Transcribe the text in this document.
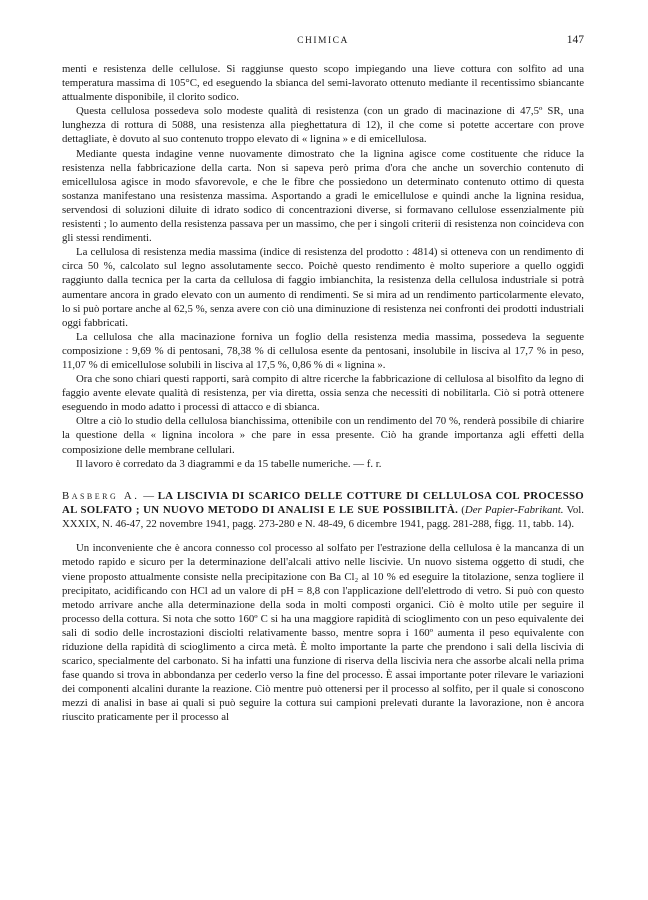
CHIMICA	147

menti e resistenza delle cellulose. Si raggiunse questo scopo impiegando una lieve cottura con solfito ad una temperatura massima di 105°C, ed eseguendo la sbianca del semi-lavorato ottenuto mediante il recentissimo sbiancante attualmente disponibile, il clorito sodico.

Questa cellulosa possedeva solo modeste qualità di resistenza (con un grado di macinazione di 47,5º SR, una lunghezza di rottura di 5088, una resistenza alla pieghettatura di 12), il che come si potette accertare con prove dettagliate, è dovuto al suo contenuto troppo elevato di « lignina » e di emicellulosa.

Mediante questa indagine venne nuovamente dimostrato che la lignina agisce come costituente che riduce la resistenza nella fabbricazione della carta. Non si sapeva però prima d'ora che anche un soverchio contenuto di emicellulosa agisce in modo sfavorevole, e che le fibre che possiedono un determinato contenuto ottimo di questa sostanza manifestano una resistenza massima. Asportando a gradi le emicellulose e quindi anche la lignina residua, servendosi di soluzioni diluite di idrato sodico di concentrazioni diverse, si formavano cellulose essenzialmente più resistenti ; lo aumento della resistenza passava per un massimo, che per i singoli criterii di resistenza non coincideva con gli stessi rendimenti.

La cellulosa di resistenza media massima (indice di resistenza del prodotto : 4814) si otteneva con un rendimento di circa 50 %, calcolato sul legno assolutamente secco. Poichè questo rendimento è molto superiore a quello oggidì raggiunto dalla tecnica per la carta da cellulosa di faggio imbianchita, la resistenza della cellulosa industriale si potrà aumentare ancora in grado elevato con un aumento di rendimenti. Se si mira ad un rendimento particolarmente elevato, lo si può portare anche al 62,5 %, senza avere con ciò una diminuzione di resistenza nei confronti dei prodotti industriali oggi fabbricati.

La cellulosa che alla macinazione forniva un foglio della resistenza media massima, possedeva la seguente composizione : 9,69 % di pentosani, 78,38 % di cellulosa esente da pentosani, insolubile in lisciva al 17,7 % in peso, 11,07 % di emicellulose solubili in lisciva al 17,5 %, 0,86 % di « lignina ».

Ora che sono chiari questi rapporti, sarà compito di altre ricerche la fabbricazione di cellulosa al bisolfito da legno di faggio avente elevate qualità di resistenza, per via diretta, ossia senza che necessiti di nobilitarla. Ciò si potrà ottenere eseguendo in modo adatto i processi di attacco e di sbianca.

Oltre a ciò lo studio della cellulosa bianchissima, ottenibile con un rendimento del 70 %, renderà possibile di chiarire la questione della « lignina incolora » che pare in essa presente. Ciò ha grande importanza agli effetti della composizione delle membrane cellulari.

Il lavoro è corredato da 3 diagrammi e da 15 tabelle numeriche. — f. r.

Basberg A. — LA LISCIVIA DI SCARICO DELLE COTTURE DI CELLULOSA COL PROCESSO AL SOLFATO ; UN NUOVO METODO DI ANALISI E LE SUE POSSIBILITÀ. (Der Papier-Fabrikant. Vol. XXXIX, N. 46-47, 22 novembre 1941, pagg. 273-280 e N. 48-49, 6 dicembre 1941, pagg. 281-288, figg. 11, tabb. 14).

Un inconveniente che è ancora connesso col processo al solfato per l'estrazione della cellulosa è la mancanza di un metodo rapido e sicuro per la determinazione dell'alcali attivo nelle liscivie. Un nuovo sistema oggetto di studi, che viene proposto attualmente consiste nella precipitazione con Ba Cl₂ al 10 % ed eseguire la titolazione, senza togliere il precipitato, acidificando con HCl ad un valore di pH = 8,8 con l'applicazione dell'elettrodo di vetro. Si può con questo metodo arrivare anche alla determinazione della soda in molti composti organici. Ciò è molto utile per seguire il processo della cottura. Si nota che sotto 160º C si ha una maggiore rapidità di scioglimento con un peso equivalente dei sali di sodio delle incrostazioni disciolti relativamente basso, mentre sopra i 160º aumenta il peso equivalente con riduzione della rapidità di scioglimento a circa metà. È molto importante la parte che prendono i sali della liscivia di scarico, specialmente del carbonato. Si ha infatti una funzione di riserva della liscivia nera che assorbe alcali nella prima fase quando si trova in abbondanza per cederlo verso la fine del processo. È assai importante poter rilevare le variazioni dei componenti alcalini durante la reazione. Ciò mentre può ottenersi per il processo al solfito, per il quale si conoscono mezzi di analisi in base ai quali si può seguire la cottura sui campioni prelevati durante la lavorazione, non è ancora riuscito praticamente per il processo al
